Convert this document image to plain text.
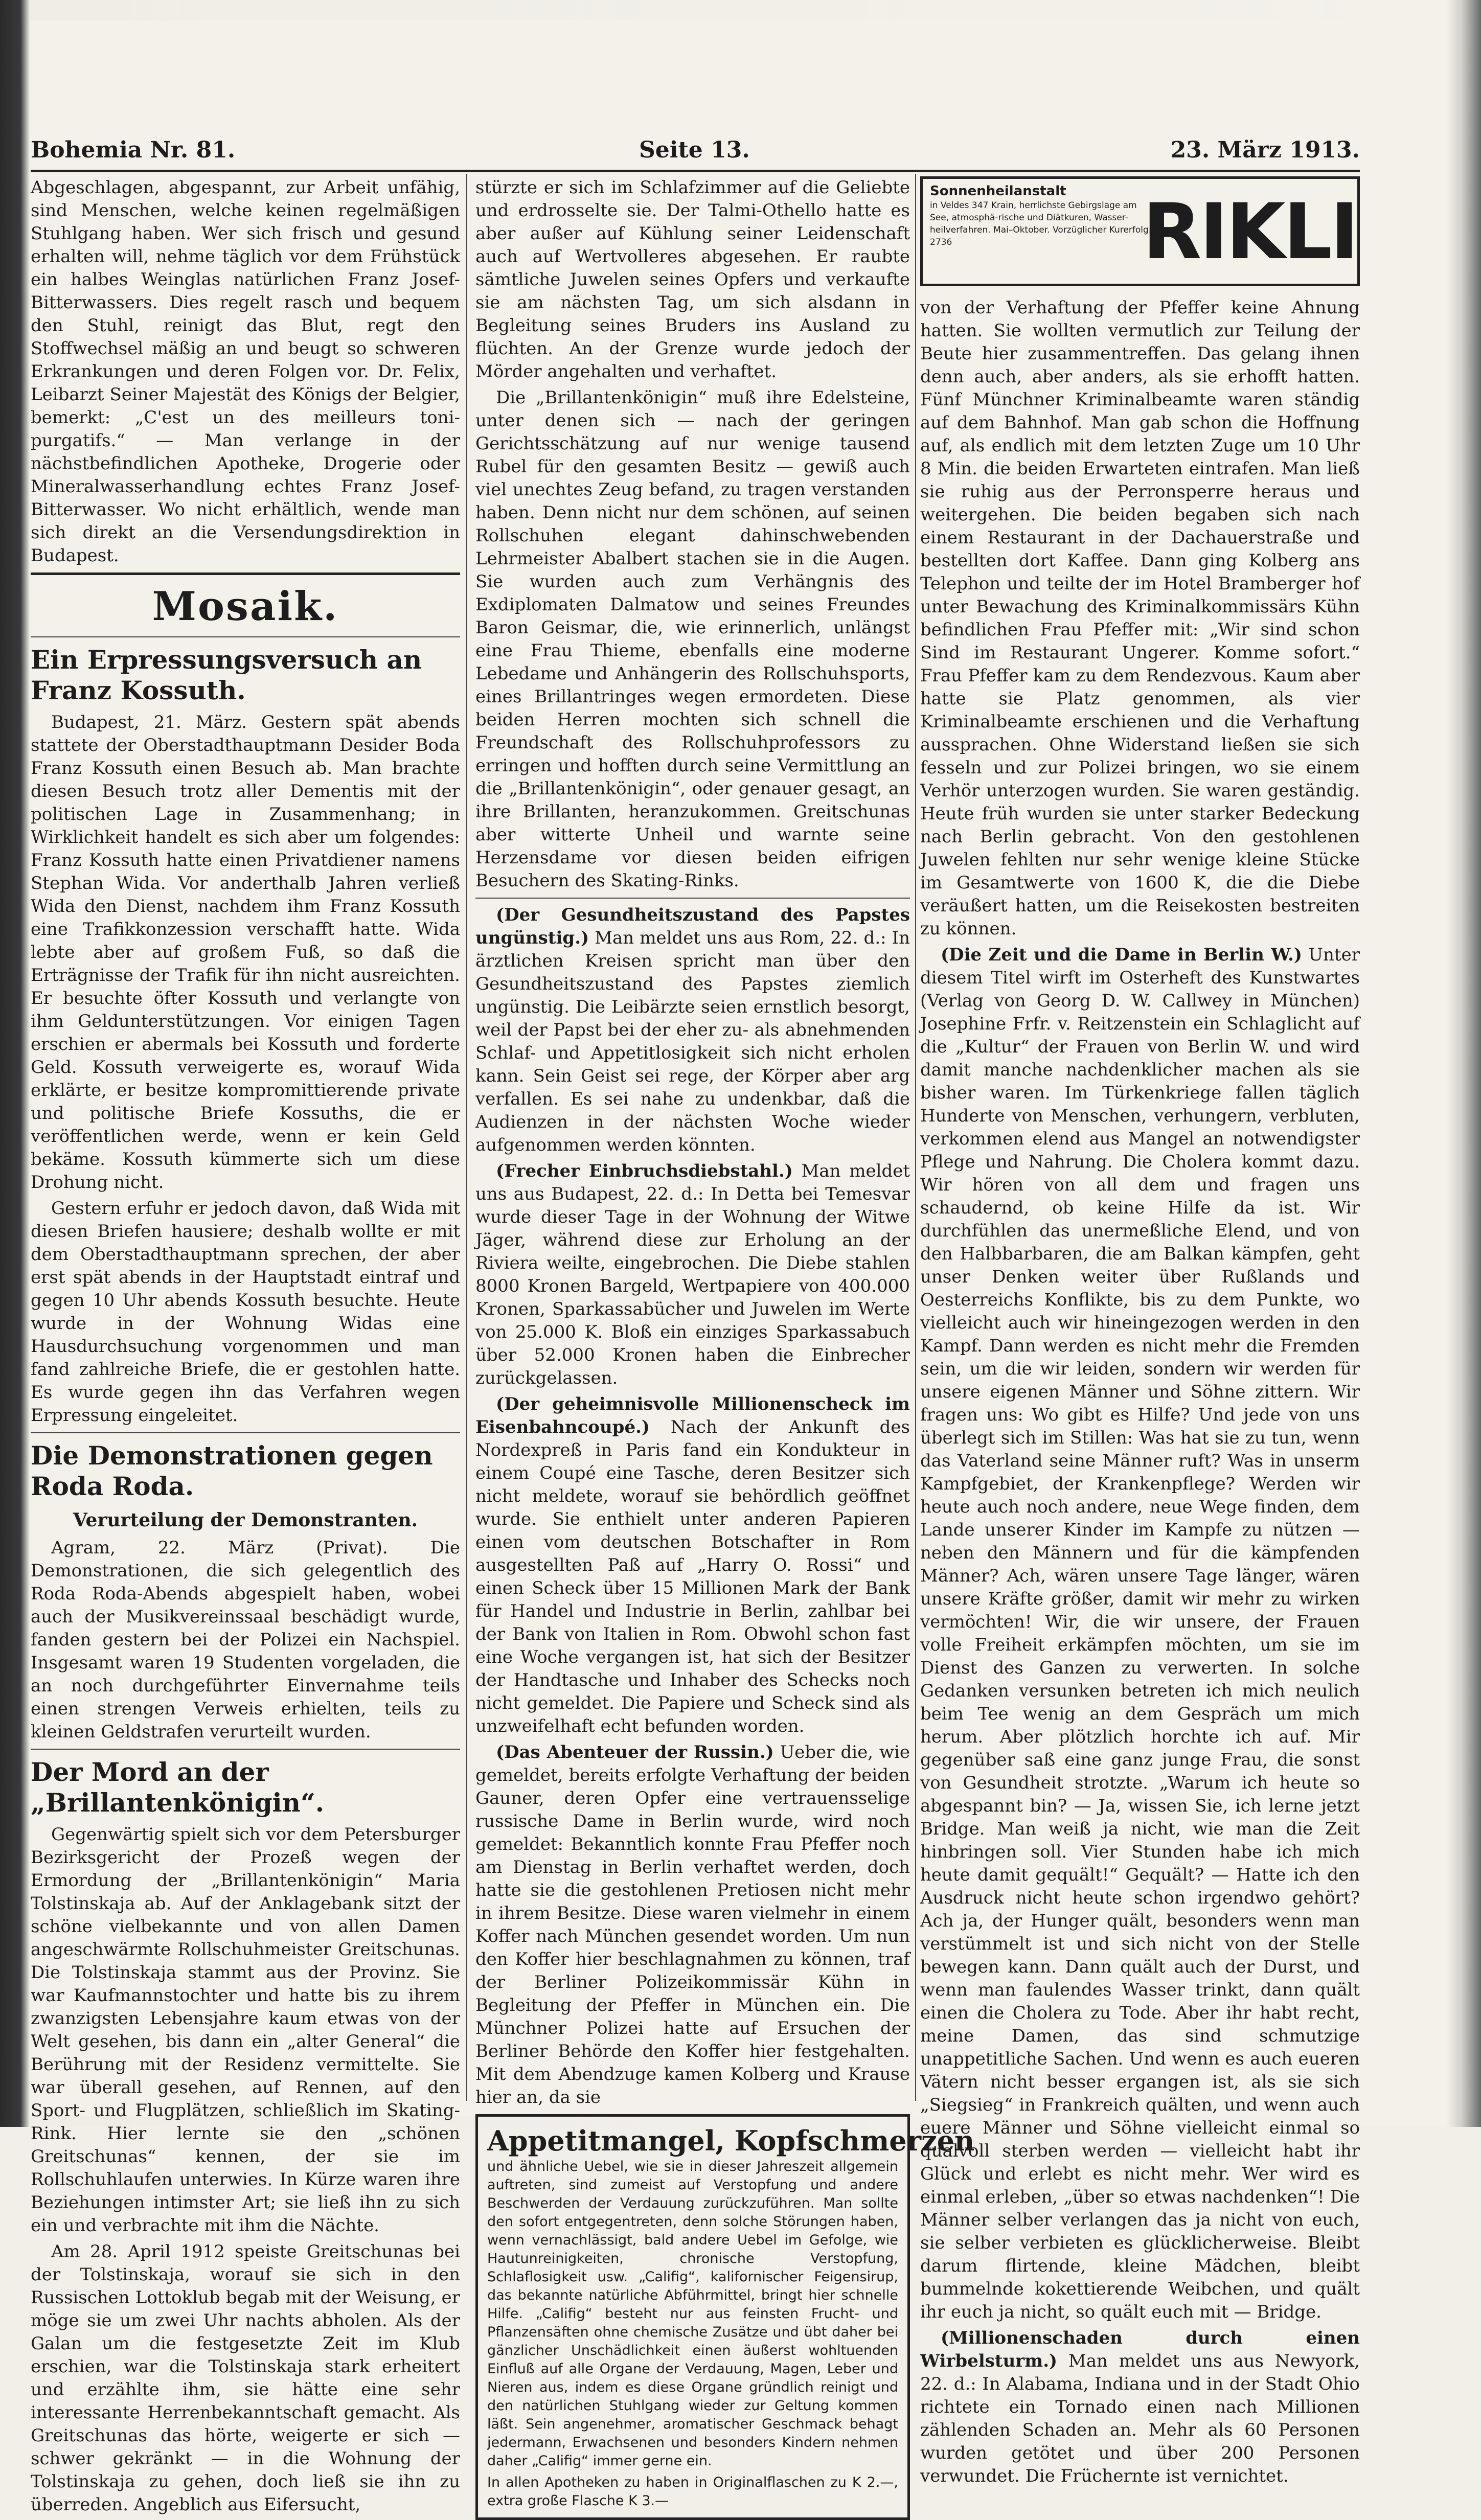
Bohemia Nr. 81.	Seite 13.	23. März 1913.

Abgeschlagen, abgespannt, zur Arbeit unfähig, sind Menschen, welche keinen regelmäßigen Stuhlgang haben. Wer sich frisch und gesund erhalten will, nehme täglich vor dem Frühstück ein halbes Weinglas natürlichen Franz Josef-Bitterwassers. Dies regelt rasch und bequem den Stuhl, reinigt das Blut, regt den Stoffwechsel mäßig an und beugt so schweren Erkrankungen und deren Folgen vor. Dr. Felix, Leibarzt Seiner Majestät des Königs der Belgier, bemerkt: „C'est un des meilleurs toni-purgatifs.“ — Man verlange in der nächstbefindlichen Apotheke, Drogerie oder Mineralwasserhandlung echtes Franz Josef-Bitterwasser. Wo nicht erhältlich, wende man sich direkt an die Versendungsdirektion in Budapest.

Mosaik.
Ein Erpressungsversuch an Franz Kossuth.

Budapest, 21. März. Gestern spät abends stattete der Oberstadthauptmann Desider Boda Franz Kossuth einen Besuch ab. Man brachte diesen Besuch trotz aller Dementis mit der politischen Lage in Zusammenhang; in Wirklichkeit handelt es sich aber um folgendes: Franz Kossuth hatte einen Privatdiener namens Stephan Wida. Vor anderthalb Jahren verließ Wida den Dienst, nachdem ihm Franz Kossuth eine Trafikkonzession verschafft hatte. Wida lebte aber auf großem Fuß, so daß die Erträgnisse der Trafik für ihn nicht ausreichten. Er besuchte öfter Kossuth und verlangte von ihm Geldunterstützungen. Vor einigen Tagen erschien er abermals bei Kossuth und forderte Geld. Kossuth verweigerte es, worauf Wida erklärte, er besitze kompromittierende private und politische Briefe Kossuths, die er veröffentlichen werde, wenn er kein Geld bekäme. Kossuth kümmerte sich um diese Drohung nicht.

Gestern erfuhr er jedoch davon, daß Wida mit diesen Briefen hausiere; deshalb wollte er mit dem Oberstadthauptmann sprechen, der aber erst spät abends in der Hauptstadt eintraf und gegen 10 Uhr abends Kossuth besuchte. Heute wurde in der Wohnung Widas eine Hausdurchsuchung vorgenommen und man fand zahlreiche Briefe, die er gestohlen hatte. Es wurde gegen ihn das Verfahren wegen Erpressung eingeleitet.

Die Demonstrationen gegen Roda Roda.
Verurteilung der Demonstranten.

Agram, 22. März (Privat). Die Demonstrationen, die sich gelegentlich des Roda Roda-Abends abgespielt haben, wobei auch der Musikvereinssaal beschädigt wurde, fanden gestern bei der Polizei ein Nachspiel. Insgesamt waren 19 Studenten vorgeladen, die an noch durchgeführter Einvernahme teils einen strengen Verweis erhielten, teils zu kleinen Geldstrafen verurteilt wurden.

Der Mord an der „Brillantenkönigin“.

Gegenwärtig spielt sich vor dem Petersburger Bezirksgericht der Prozeß wegen der Ermordung der „Brillantenkönigin“ Maria Tolstinskaja ab. Auf der Anklagebank sitzt der schöne vielbekannte und von allen Damen angeschwärmte Rollschuhmeister Greitschunas. Die Tolstinskaja stammt aus der Provinz. Sie war Kaufmannstochter und hatte bis zu ihrem zwanzigsten Lebensjahre kaum etwas von der Welt gesehen, bis dann ein „alter General“ die Berührung mit der Residenz vermittelte. Sie war überall gesehen, auf Rennen, auf den Sport- und Flugplätzen, schließlich im Skating-Rink. Hier lernte sie den „schönen Greitschunas“ kennen, der sie im Rollschuhlaufen unterwies. In Kürze waren ihre Beziehungen intimster Art; sie ließ ihn zu sich ein und verbrachte mit ihm die Nächte.

Am 28. April 1912 speiste Greitschunas bei der Tolstinskaja, worauf sie sich in den Russischen Lottoklub begab mit der Weisung, er möge sie um zwei Uhr nachts abholen. Als der Galan um die festgesetzte Zeit im Klub erschien, war die Tolstinskaja stark erheitert und erzählte ihm, sie hätte eine sehr interessante Herrenbekanntschaft gemacht. Als Greitschunas das hörte, weigerte er sich — schwer gekränkt — in die Wohnung der Tolstinskaja zu gehen, doch ließ sie ihn zu überreden. Angeblich aus Eifersucht,

stürzte er sich im Schlafzimmer auf die Geliebte und erdrosselte sie. Der Talmi-Othello hatte es aber außer auf Kühlung seiner Leidenschaft auch auf Wertvolleres abgesehen. Er raubte sämtliche Juwelen seines Opfers und verkaufte sie am nächsten Tag, um sich alsdann in Begleitung seines Bruders ins Ausland zu flüchten. An der Grenze wurde jedoch der Mörder angehalten und verhaftet.

Die „Brillantenkönigin“ muß ihre Edelsteine, unter denen sich — nach der geringen Gerichtsschätzung auf nur wenige tausend Rubel für den gesamten Besitz — gewiß auch viel unechtes Zeug befand, zu tragen verstanden haben. Denn nicht nur dem schönen, auf seinen Rollschuhen elegant dahinschwebenden Lehrmeister Abalbert stachen sie in die Augen. Sie wurden auch zum Verhängnis des Exdiplomaten Dalmatow und seines Freundes Baron Geismar, die, wie erinnerlich, unlängst eine Frau Thieme, ebenfalls eine moderne Lebedame und Anhängerin des Rollschuhsports, eines Brillantringes wegen ermordeten. Diese beiden Herren mochten sich schnell die Freundschaft des Rollschuhprofessors zu erringen und hofften durch seine Vermittlung an die „Brillantenkönigin“, oder genauer gesagt, an ihre Brillanten, heranzukommen. Greitschunas aber witterte Unheil und warnte seine Herzensdame vor diesen beiden eifrigen Besuchern des Skating-Rinks.

(Der Gesundheitszustand des Papstes ungünstig.) Man meldet uns aus Rom, 22. d.: In ärztlichen Kreisen spricht man über den Gesundheitszustand des Papstes ziemlich ungünstig. Die Leibärzte seien ernstlich besorgt, weil der Papst bei der eher zu- als abnehmenden Schlaf- und Appetitlosigkeit sich nicht erholen kann. Sein Geist sei rege, der Körper aber arg verfallen. Es sei nahe zu undenkbar, daß die Audienzen in der nächsten Woche wieder aufgenommen werden könnten.

(Frecher Einbruchsdiebstahl.) Man meldet uns aus Budapest, 22. d.: In Detta bei Temesvar wurde dieser Tage in der Wohnung der Witwe Jäger, während diese zur Erholung an der Riviera weilte, eingebrochen. Die Diebe stahlen 8000 Kronen Bargeld, Wertpapiere von 400.000 Kronen, Sparkassabücher und Juwelen im Werte von 25.000 K. Bloß ein einziges Sparkassabuch über 52.000 Kronen haben die Einbrecher zurückgelassen.

(Der geheimnisvolle Millionenscheck im Eisenbahncoupé.) Nach der Ankunft des Nordexpreß in Paris fand ein Kondukteur in einem Coupé eine Tasche, deren Besitzer sich nicht meldete, worauf sie behördlich geöffnet wurde. Sie enthielt unter anderen Papieren einen vom deutschen Botschafter in Rom ausgestellten Paß auf „Harry O. Rossi“ und einen Scheck über 15 Millionen Mark der Bank für Handel und Industrie in Berlin, zahlbar bei der Bank von Italien in Rom. Obwohl schon fast eine Woche vergangen ist, hat sich der Besitzer der Handtasche und Inhaber des Schecks noch nicht gemeldet. Die Papiere und Scheck sind als unzweifelhaft echt befunden worden.

(Das Abenteuer der Russin.) Ueber die, wie gemeldet, bereits erfolgte Verhaftung der beiden Gauner, deren Opfer eine vertrauensselige russische Dame in Berlin wurde, wird noch gemeldet: Bekanntlich konnte Frau Pfeffer noch am Dienstag in Berlin verhaftet werden, doch hatte sie die gestohlenen Pretiosen nicht mehr in ihrem Besitze. Diese waren vielmehr in einem Koffer nach München gesendet worden. Um nun den Koffer hier beschlagnahmen zu können, traf der Berliner Polizeikommissär Kühn in Begleitung der Pfeffer in München ein. Die Münchner Polizei hatte auf Ersuchen der Berliner Behörde den Koffer hier festgehalten. Mit dem Abendzuge kamen Kolberg und Krause hier an, da sie

Appetitmangel, Kopfschmerzen
und ähnliche Uebel, wie sie in dieser Jahreszeit allgemein auftreten, sind zumeist auf Verstopfung und andere Beschwerden der Verdauung zurückzuführen. Man sollte den sofort entgegentreten, denn solche Störungen haben, wenn vernachlässigt, bald andere Uebel im Gefolge, wie Hautunreinigkeiten, chronische Verstopfung, Schlaflosigkeit usw. „Califig“, kalifornischer Feigensirup, das bekannte natürliche Abführmittel, bringt hier schnelle Hilfe. „Califig“ besteht nur aus feinsten Frucht- und Pflanzensäften ohne chemische Zusätze und übt daher bei gänzlicher Unschädlichkeit einen äußerst wohltuenden Einfluß auf alle Organe der Verdauung, Magen, Leber und Nieren aus, indem es diese Organe gründlich reinigt und den natürlichen Stuhlgang wieder zur Geltung kommen läßt. Sein angenehmer, aromatischer Geschmack behagt jedermann, Erwachsenen und besonders Kindern nehmen daher „Califig“ immer gerne ein.
In allen Apotheken zu haben in Originalflaschen zu K 2.—, extra große Flasche K 3.—
Sonnenheilanstalt
in Veldes 347 Krain, herrlichste Gebirgslage am See, atmosphä-rische und Diätkuren, Wasser-heilverfahren. Mai–Oktober. Vorzüglicher Kurerfolg. 2736	RIKLI

von der Verhaftung der Pfeffer keine Ahnung hatten. Sie wollten vermutlich zur Teilung der Beute hier zusammentreffen. Das gelang ihnen denn auch, aber anders, als sie erhofft hatten. Fünf Münchner Kriminalbeamte waren ständig auf dem Bahnhof. Man gab schon die Hoffnung auf, als endlich mit dem letzten Zuge um 10 Uhr 8 Min. die beiden Erwarteten eintrafen. Man ließ sie ruhig aus der Perronsperre heraus und weitergehen. Die beiden begaben sich nach einem Restaurant in der Dachauerstraße und bestellten dort Kaffee. Dann ging Kolberg ans Telephon und teilte der im Hotel Bramberger hof unter Bewachung des Kriminalkommissärs Kühn befindlichen Frau Pfeffer mit: „Wir sind schon Sind im Restaurant Ungerer. Komme sofort.“ Frau Pfeffer kam zu dem Rendezvous. Kaum aber hatte sie Platz genommen, als vier Kriminalbeamte erschienen und die Verhaftung aussprachen. Ohne Widerstand ließen sie sich fesseln und zur Polizei bringen, wo sie einem Verhör unterzogen wurden. Sie waren geständig. Heute früh wurden sie unter starker Bedeckung nach Berlin gebracht. Von den gestohlenen Juwelen fehlten nur sehr wenige kleine Stücke im Gesamtwerte von 1600 K, die die Diebe veräußert hatten, um die Reisekosten bestreiten zu können.

(Die Zeit und die Dame in Berlin W.) Unter diesem Titel wirft im Osterheft des Kunstwartes (Verlag von Georg D. W. Callwey in München) Josephine Frfr. v. Reitzenstein ein Schlaglicht auf die „Kultur“ der Frauen von Berlin W. und wird damit manche nachdenklicher machen als sie bisher waren. Im Türkenkriege fallen täglich Hunderte von Menschen, verhungern, verbluten, verkommen elend aus Mangel an notwendigster Pflege und Nahrung. Die Cholera kommt dazu. Wir hören von all dem und fragen uns schaudernd, ob keine Hilfe da ist. Wir durchfühlen das unermeßliche Elend, und von den Halbbarbaren, die am Balkan kämpfen, geht unser Denken weiter über Rußlands und Oesterreichs Konflikte, bis zu dem Punkte, wo vielleicht auch wir hineingezogen werden in den Kampf. Dann werden es nicht mehr die Fremden sein, um die wir leiden, sondern wir werden für unsere eigenen Männer und Söhne zittern. Wir fragen uns: Wo gibt es Hilfe? Und jede von uns überlegt sich im Stillen: Was hat sie zu tun, wenn das Vaterland seine Männer ruft? Was in unserm Kampfgebiet, der Krankenpflege? Werden wir heute auch noch andere, neue Wege finden, dem Lande unserer Kinder im Kampfe zu nützen — neben den Männern und für die kämpfenden Männer? Ach, wären unsere Tage länger, wären unsere Kräfte größer, damit wir mehr zu wirken vermöchten! Wir, die wir unsere, der Frauen volle Freiheit erkämpfen möchten, um sie im Dienst des Ganzen zu verwerten. In solche Gedanken versunken betreten ich mich neulich beim Tee wenig an dem Gespräch um mich herum. Aber plötzlich horchte ich auf. Mir gegenüber saß eine ganz junge Frau, die sonst von Gesundheit strotzte. „Warum ich heute so abgespannt bin? — Ja, wissen Sie, ich lerne jetzt Bridge. Man weiß ja nicht, wie man die Zeit hinbringen soll. Vier Stunden habe ich mich heute damit gequält!“ Gequält? — Hatte ich den Ausdruck nicht heute schon irgendwo gehört? Ach ja, der Hunger quält, besonders wenn man verstümmelt ist und sich nicht von der Stelle bewegen kann. Dann quält auch der Durst, und wenn man faulendes Wasser trinkt, dann quält einen die Cholera zu Tode. Aber ihr habt recht, meine Damen, das sind schmutzige unappetitliche Sachen. Und wenn es auch eueren Vätern nicht besser ergangen ist, als sie sich „Siegsieg“ in Frankreich quälten, und wenn auch euere Männer und Söhne vielleicht einmal so qualvoll sterben werden — vielleicht habt ihr Glück und erlebt es nicht mehr. Wer wird es einmal erleben, „über so etwas nachdenken“! Die Männer selber verlangen das ja nicht von euch, sie selber verbieten es glücklicherweise. Bleibt darum flirtende, kleine Mädchen, bleibt bummelnde kokettierende Weibchen, und quält ihr euch ja nicht, so quält euch mit — Bridge.

(Millionenschaden durch einen Wirbelsturm.) Man meldet uns aus Newyork, 22. d.: In Alabama, Indiana und in der Stadt Ohio richtete ein Tornado einen nach Millionen zählenden Schaden an. Mehr als 60 Personen wurden getötet und über 200 Personen verwundet. Die Früchernte ist vernichtet.
